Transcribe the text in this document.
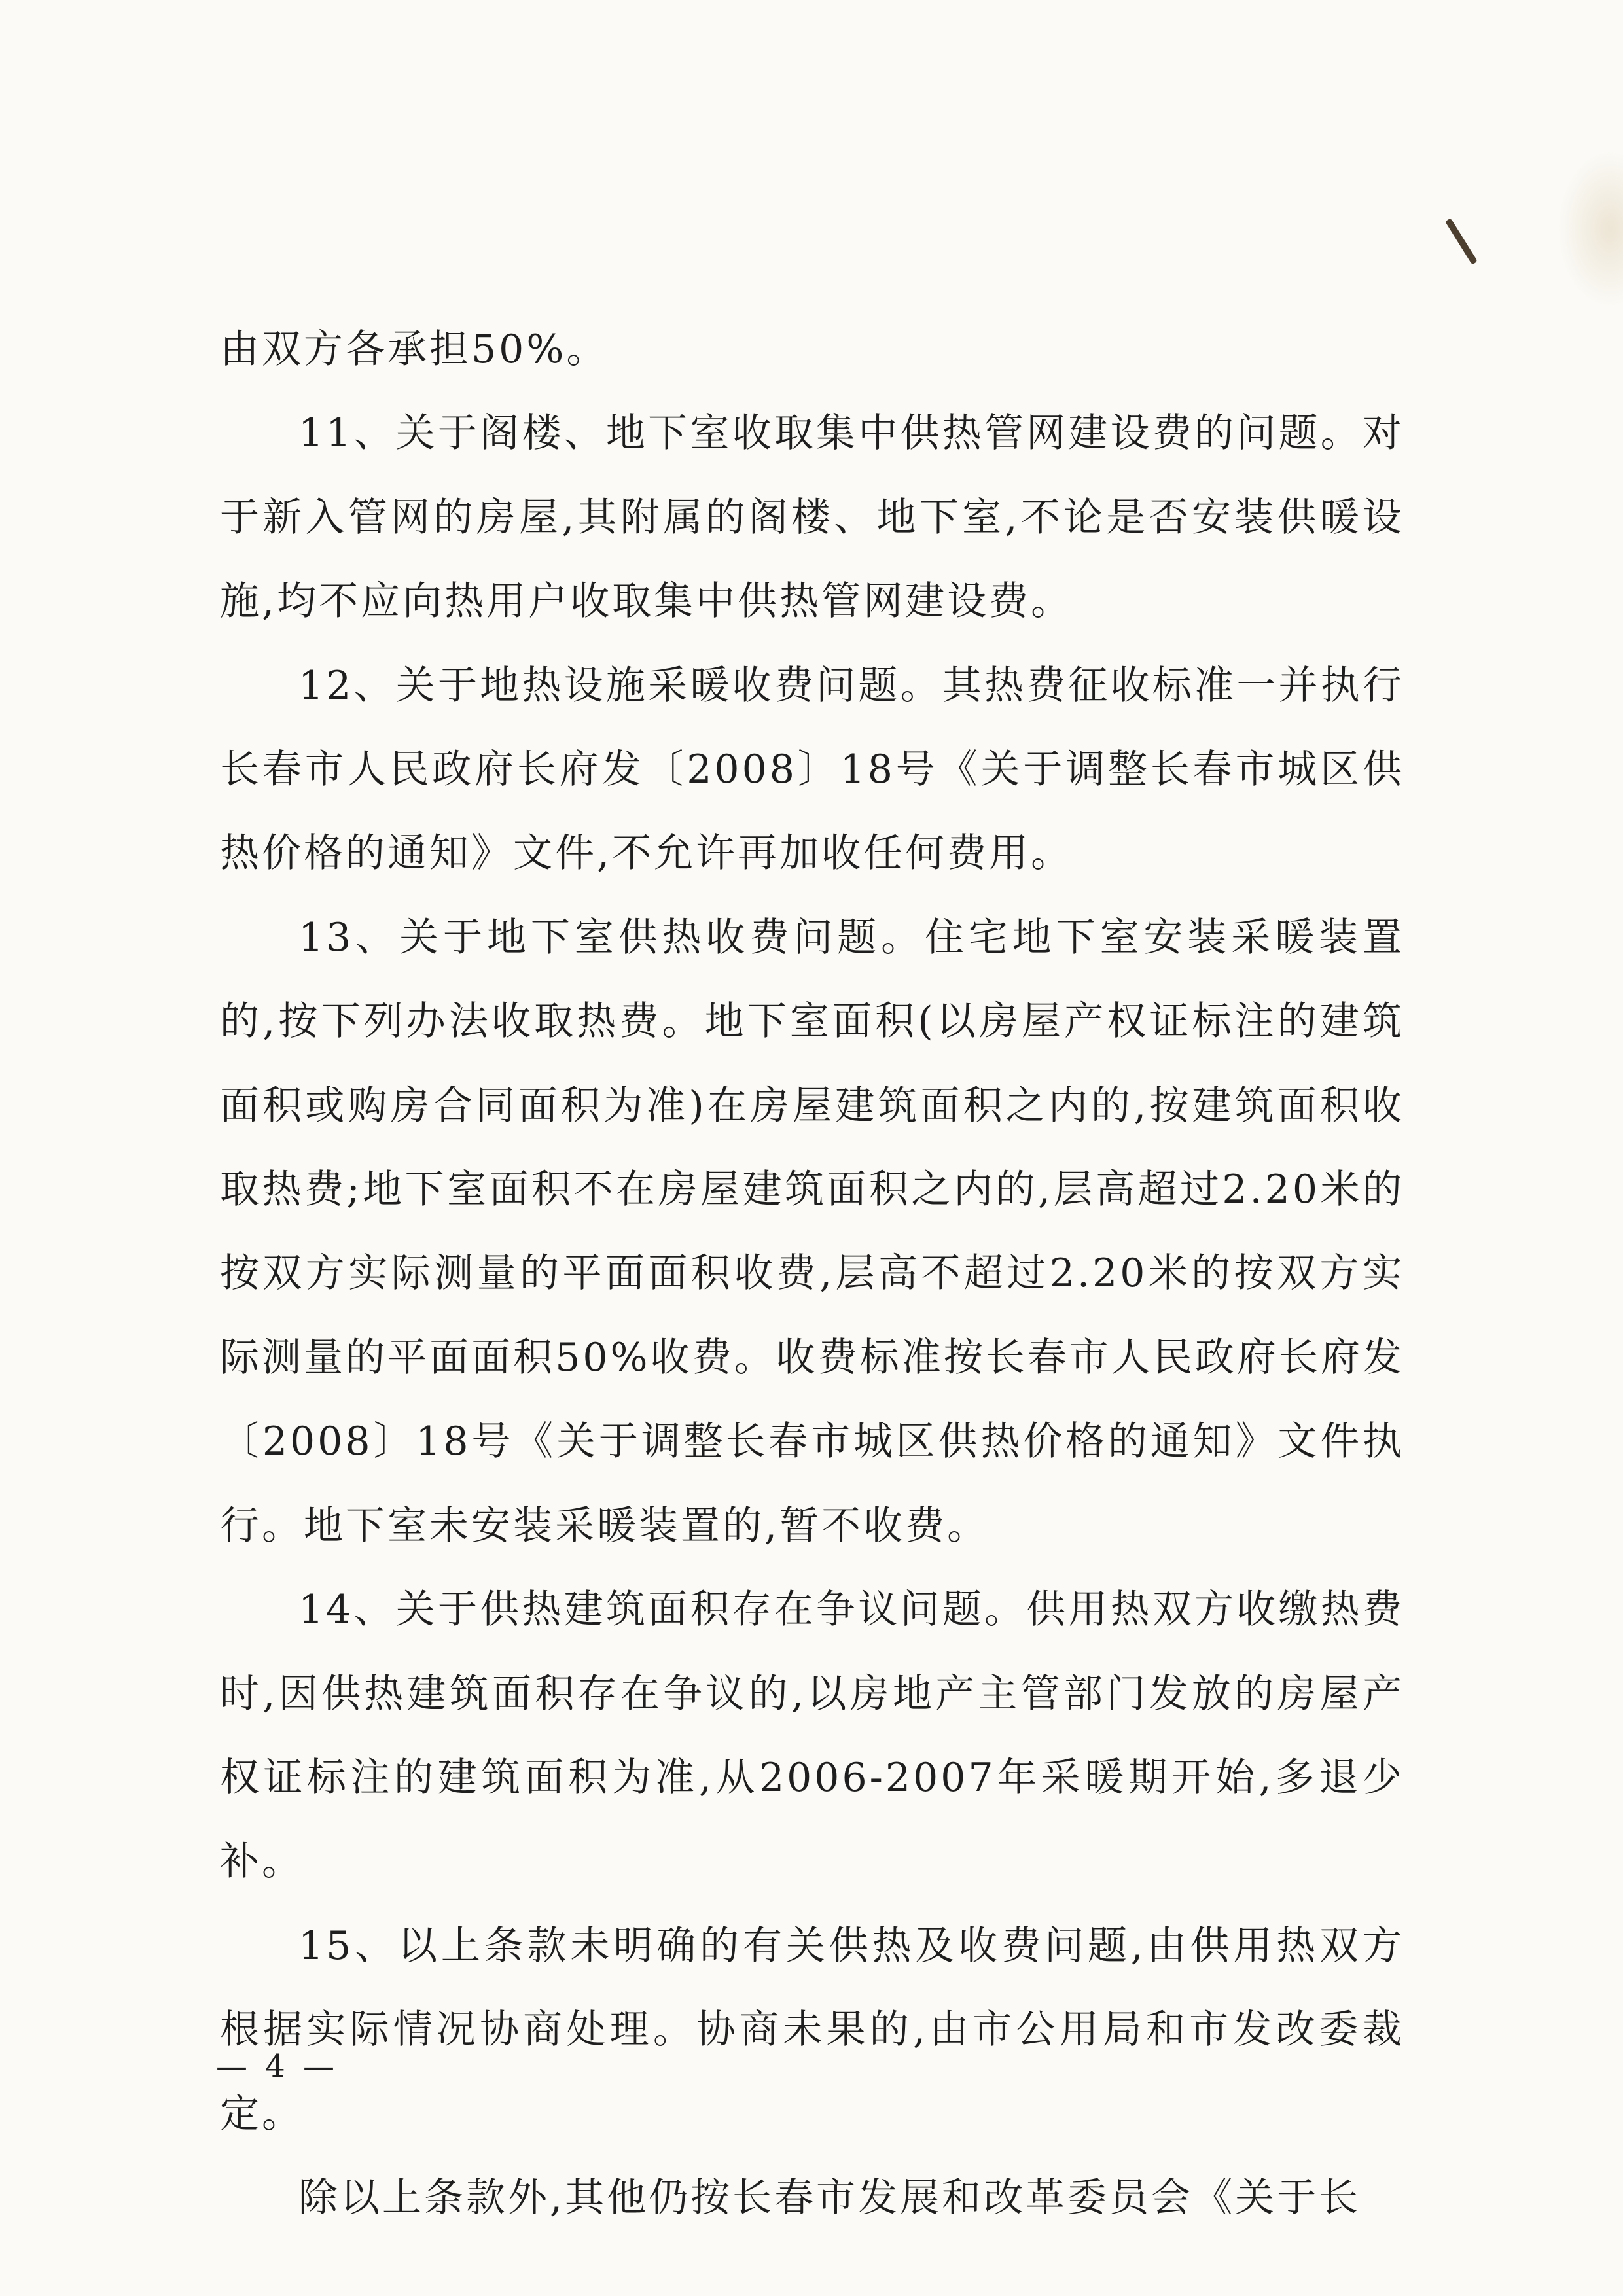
由双方各承担50%。

11、关于阁楼、地下室收取集中供热管网建设费的问题。对于新入管网的房屋,其附属的阁楼、地下室,不论是否安装供暖设施,均不应向热用户收取集中供热管网建设费。

12、关于地热设施采暖收费问题。其热费征收标准一并执行长春市人民政府长府发〔2008〕18号《关于调整长春市城区供热价格的通知》文件,不允许再加收任何费用。

13、关于地下室供热收费问题。住宅地下室安装采暖装置的,按下列办法收取热费。地下室面积(以房屋产权证标注的建筑面积或购房合同面积为准)在房屋建筑面积之内的,按建筑面积收取热费;地下室面积不在房屋建筑面积之内的,层高超过2.20米的按双方实际测量的平面面积收费,层高不超过2.20米的按双方实际测量的平面面积50%收费。收费标准按长春市人民政府长府发〔2008〕18号《关于调整长春市城区供热价格的通知》文件执行。地下室未安装采暖装置的,暂不收费。

14、关于供热建筑面积存在争议问题。供用热双方收缴热费时,因供热建筑面积存在争议的,以房地产主管部门发放的房屋产权证标注的建筑面积为准,从2006-2007年采暖期开始,多退少补。

15、以上条款未明确的有关供热及收费问题,由供用热双方根据实际情况协商处理。协商未果的,由市公用局和市发改委裁定。

除以上条款外,其他仍按长春市发展和改革委员会《关于长

— 4 —
